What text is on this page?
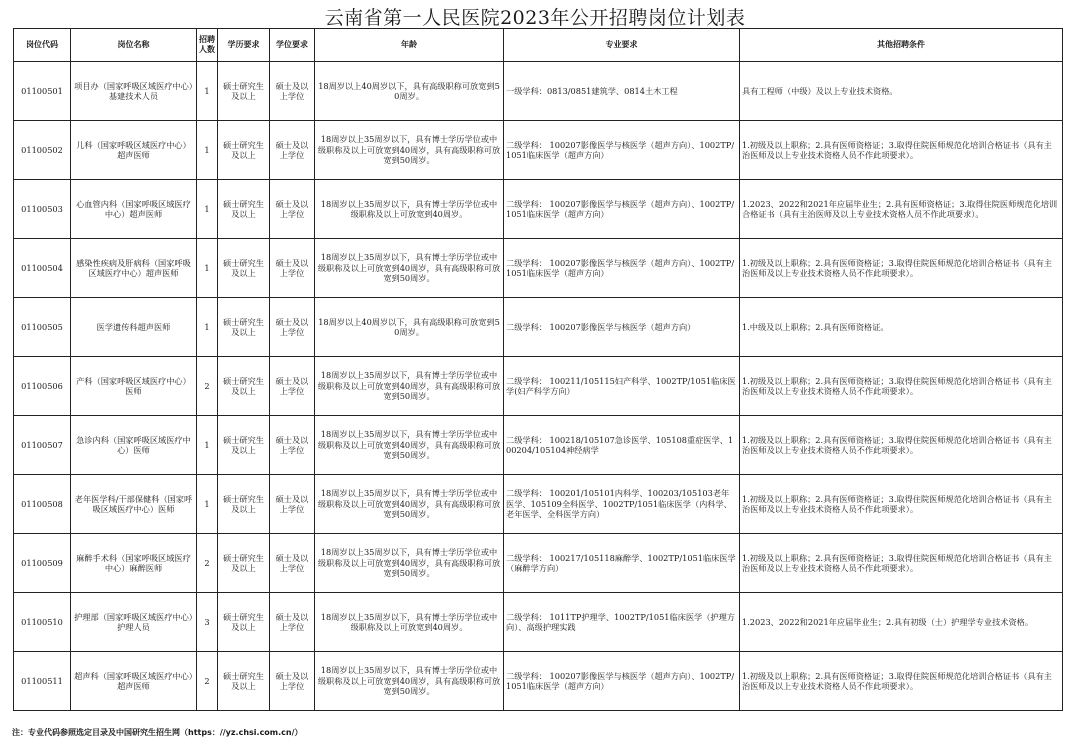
云南省第一人民医院2023年公开招聘岗位计划表
岗位代码	岗位名称	招聘人数	学历要求	学位要求	年龄	专业要求	其他招聘条件
01100501	项目办（国家呼吸区域医疗中心）基建技术人员	1	硕士研究生及以上	硕士及以上学位	18周岁以上40周岁以下，具有高级职称可放宽到50周岁。	一级学科：0813/0851建筑学、0814土木工程	具有工程师（中级）及以上专业技术资格。
01100502	儿科（国家呼吸区域医疗中心）超声医师	1	硕士研究生及以上	硕士及以上学位	18周岁以上35周岁以下，具有博士学历学位或中级职称及以上可放宽到40周岁，具有高级职称可放宽到50周岁。	二级学科： 100207影像医学与核医学（超声方向）、1002TP/1051临床医学（超声方向）	1.初级及以上职称；2.具有医师资格证；3.取得住院医师规范化培训合格证书（具有主治医师及以上专业技术资格人员不作此项要求）。
01100503	心血管内科（国家呼吸区域医疗中心）超声医师	1	硕士研究生及以上	硕士及以上学位	18周岁以上35周岁以下，具有博士学历学位或中级职称及以上可放宽到40周岁。	二级学科： 100207影像医学与核医学（超声方向）、1002TP/1051临床医学（超声方向）	1.2023、2022和2021年应届毕业生；2.具有医师资格证；3.取得住院医师规范化培训合格证书（具有主治医师及以上专业技术资格人员不作此项要求）。
01100504	感染性疾病及肝病科（国家呼吸区域医疗中心）超声医师	1	硕士研究生及以上	硕士及以上学位	18周岁以上35周岁以下，具有博士学历学位或中级职称及以上可放宽到40周岁，具有高级职称可放宽到50周岁。	二级学科： 100207影像医学与核医学（超声方向）、1002TP/1051临床医学（超声方向）	1.初级及以上职称；2.具有医师资格证；3.取得住院医师规范化培训合格证书（具有主治医师及以上专业技术资格人员不作此项要求）。
01100505	医学遗传科超声医师	1	硕士研究生及以上	硕士及以上学位	18周岁以上40周岁以下，具有高级职称可放宽到50周岁。	二级学科： 100207影像医学与核医学（超声方向）	1.中级及以上职称；2.具有医师资格证。
01100506	产科（国家呼吸区域医疗中心）医师	2	硕士研究生及以上	硕士及以上学位	18周岁以上35周岁以下，具有博士学历学位或中级职称及以上可放宽到40周岁，具有高级职称可放宽到50周岁。	二级学科： 100211/105115妇产科学、1002TP/1051临床医学(妇产科学方向）	1.初级及以上职称；2.具有医师资格证；3.取得住院医师规范化培训合格证书（具有主治医师及以上专业技术资格人员不作此项要求）。
01100507	急诊内科（国家呼吸区域医疗中心）医师	1	硕士研究生及以上	硕士及以上学位	18周岁以上35周岁以下，具有博士学历学位或中级职称及以上可放宽到40周岁，具有高级职称可放宽到50周岁。	二级学科： 100218/105107急诊医学、105108重症医学、100204/105104神经病学	1.初级及以上职称；2.具有医师资格证；3.取得住院医师规范化培训合格证书（具有主治医师及以上专业技术资格人员不作此项要求）。
01100508	老年医学科/干部保健科（国家呼吸区域医疗中心）医师	1	硕士研究生及以上	硕士及以上学位	18周岁以上35周岁以下，具有博士学历学位或中级职称及以上可放宽到40周岁，具有高级职称可放宽到50周岁。	二级学科： 100201/105101内科学、100203/105103老年医学、105109全科医学、1002TP/1051临床医学（内科学、老年医学、全科医学方向）	1.初级及以上职称；2.具有医师资格证；3.取得住院医师规范化培训合格证书（具有主治医师及以上专业技术资格人员不作此项要求）。
01100509	麻醉手术科（国家呼吸区域医疗中心）麻醉医师	2	硕士研究生及以上	硕士及以上学位	18周岁以上35周岁以下，具有博士学历学位或中级职称及以上可放宽到40周岁，具有高级职称可放宽到50周岁。	二级学科： 100217/105118麻醉学、1002TP/1051临床医学（麻醉学方向）	1.初级及以上职称；2.具有医师资格证；3.取得住院医师规范化培训合格证书（具有主治医师及以上专业技术资格人员不作此项要求）。
01100510	护理部（国家呼吸区域医疗中心）护理人员	3	硕士研究生及以上	硕士及以上学位	18周岁以上35周岁以下，具有博士学历学位或中级职称及以上可放宽到40周岁。	二级学科： 1011TP护理学、1002TP/1051临床医学（护理方向）、高级护理实践	1.2023、2022和2021年应届毕业生；2.具有初级（士）护理学专业技术资格。
01100511	超声科（国家呼吸区域医疗中心）超声医师	2	硕士研究生及以上	硕士及以上学位	18周岁以上35周岁以下，具有博士学历学位或中级职称及以上可放宽到40周岁，具有高级职称可放宽到50周岁。	二级学科： 100207影像医学与核医学（超声方向）、1002TP/1051临床医学（超声方向）	1.初级及以上职称；2.具有医师资格证；3.取得住院医师规范化培训合格证书（具有主治医师及以上专业技术资格人员不作此项要求）。
注：专业代码参照选定目录及中国研究生招生网（https：//yz.chsi.com.cn/）
